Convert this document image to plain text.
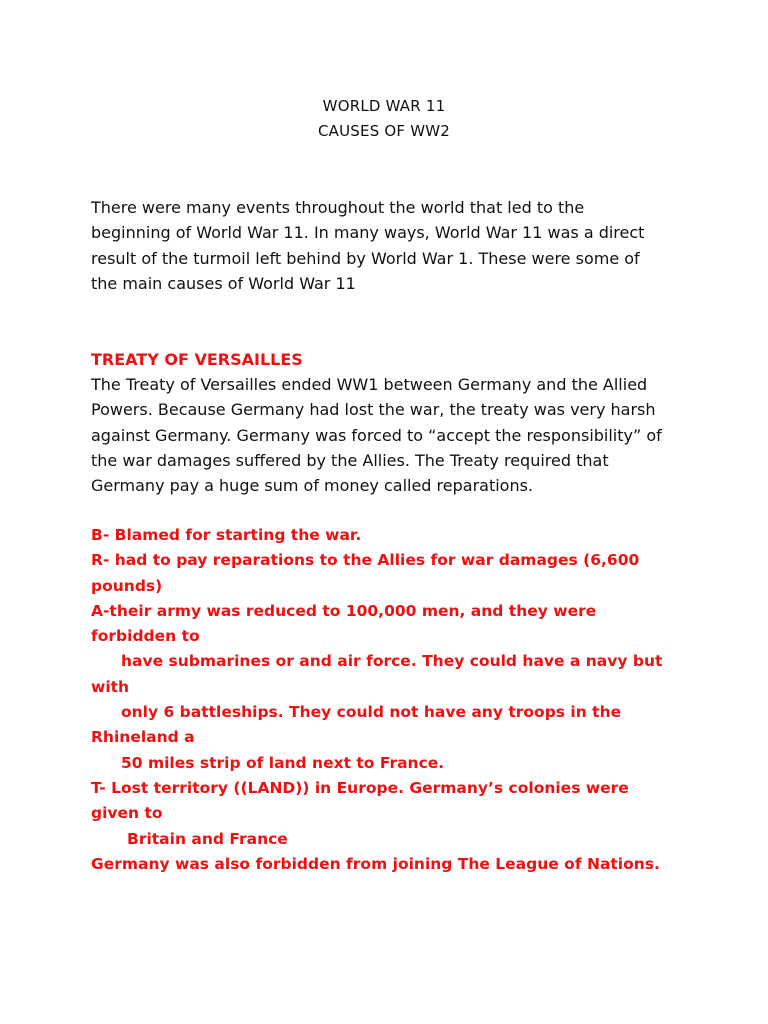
WORLD WAR 11
CAUSES OF WW2
There were many events throughout the world that led to the
beginning of World War 11. In many ways, World War 11 was a direct
result of the turmoil left behind by World War 1. These were some of
the main causes of World War 11
TREATY OF VERSAILLES
The Treaty of Versailles ended WW1 between Germany and the Allied
Powers. Because Germany had lost the war, the treaty was very harsh
against Germany. Germany was forced to “accept the responsibility” of
the war damages suffered by the Allies. The Treaty required that
Germany pay a huge sum of money called reparations.
B- Blamed for starting the war.
R- had to pay reparations to the Allies for war damages (6,600
pounds)
A-their army was reduced to 100,000 men, and they were
forbidden to
have submarines or and air force. They could have a navy but
with
only 6 battleships. They could not have any troops in the
Rhineland a
50 miles strip of land next to France.
T- Lost territory ((LAND)) in Europe. Germany’s colonies were
given to
Britain and France
Germany was also forbidden from joining The League of Nations.
